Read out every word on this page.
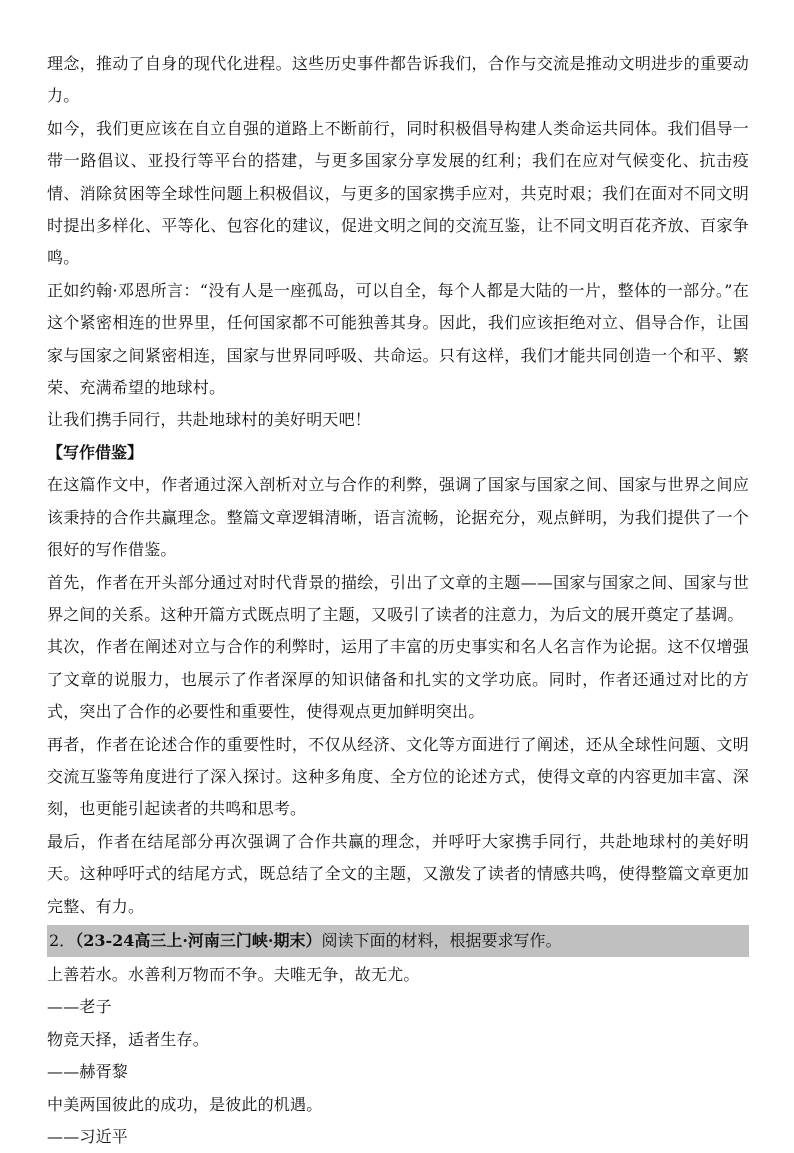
理念，推动了自身的现代化进程。这些历史事件都告诉我们，合作与交流是推动文明进步的重要动力。

如今，我们更应该在自立自强的道路上不断前行，同时积极倡导构建人类命运共同体。我们倡导一带一路倡议、亚投行等平台的搭建，与更多国家分享发展的红利；我们在应对气候变化、抗击疫情、消除贫困等全球性问题上积极倡议，与更多的国家携手应对，共克时艰；我们在面对不同文明时提出多样化、平等化、包容化的建议，促进文明之间的交流互鉴，让不同文明百花齐放、百家争鸣。

正如约翰·邓恩所言：“没有人是一座孤岛，可以自全，每个人都是大陆的一片，整体的一部分。”在这个紧密相连的世界里，任何国家都不可能独善其身。因此，我们应该拒绝对立、倡导合作，让国家与国家之间紧密相连，国家与世界同呼吸、共命运。只有这样，我们才能共同创造一个和平、繁荣、充满希望的地球村。

让我们携手同行，共赴地球村的美好明天吧！

【写作借鉴】

在这篇作文中，作者通过深入剖析对立与合作的利弊，强调了国家与国家之间、国家与世界之间应该秉持的合作共赢理念。整篇文章逻辑清晰，语言流畅，论据充分，观点鲜明，为我们提供了一个很好的写作借鉴。

首先，作者在开头部分通过对时代背景的描绘，引出了文章的主题——国家与国家之间、国家与世界之间的关系。这种开篇方式既点明了主题，又吸引了读者的注意力，为后文的展开奠定了基调。

其次，作者在阐述对立与合作的利弊时，运用了丰富的历史事实和名人名言作为论据。这不仅增强了文章的说服力，也展示了作者深厚的知识储备和扎实的文学功底。同时，作者还通过对比的方式，突出了合作的必要性和重要性，使得观点更加鲜明突出。

再者，作者在论述合作的重要性时，不仅从经济、文化等方面进行了阐述，还从全球性问题、文明交流互鉴等角度进行了深入探讨。这种多角度、全方位的论述方式，使得文章的内容更加丰富、深刻，也更能引起读者的共鸣和思考。

最后，作者在结尾部分再次强调了合作共赢的理念，并呼吁大家携手同行，共赴地球村的美好明天。这种呼吁式的结尾方式，既总结了全文的主题，又激发了读者的情感共鸣，使得整篇文章更加完整、有力。

2．（23-24高三上·河南三门峡·期末）阅读下面的材料，根据要求写作。

上善若水。水善利万物而不争。夫唯无争，故无尤。

——老子

物竞天择，适者生存。

——赫胥黎

中美两国彼此的成功，是彼此的机遇。

——习近平
